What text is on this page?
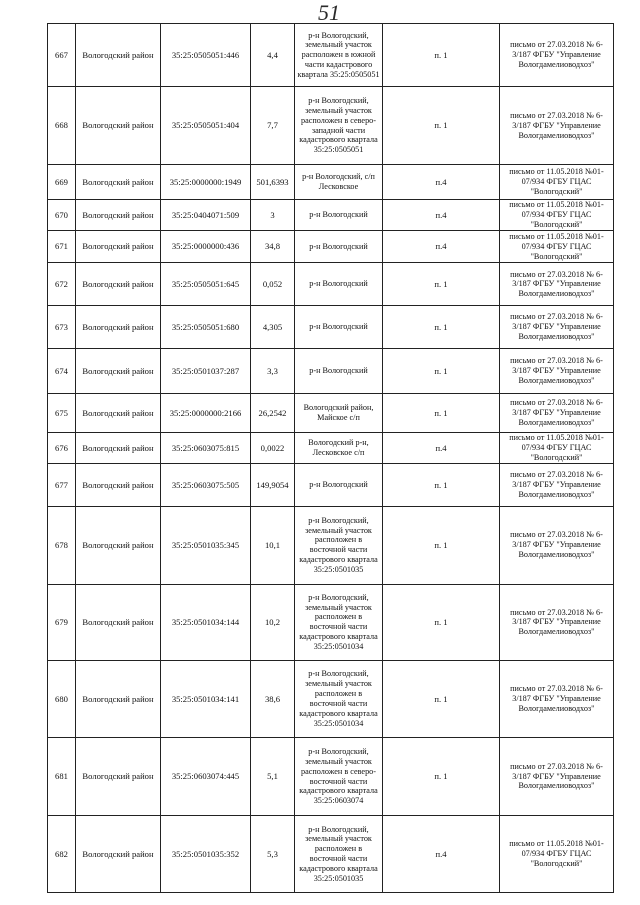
51
667	Вологодский район	35:25:0505051:446	4,4	р-н Вологодский, земельный участок расположен в южной части кадастрового квартала 35:25:0505051	п. 1	письмо от 27.03.2018 № 6-3/187 ФГБУ "Управление Вологдамелиоводхоз"
668	Вологодский район	35:25:0505051:404	7,7	р-н Вологодский, земельный участок расположен в северо-западной части кадастрового квартала 35:25:0505051	п. 1	письмо от 27.03.2018 № 6-3/187 ФГБУ "Управление Вологдамелиоводхоз"
669	Вологодский район	35:25:0000000:1949	501,6393	р-н Вологодский, с/п Лесковское	п.4	письмо от 11.05.2018 №01-07/934 ФГБУ ГЦАС "Вологодский"
670	Вологодский район	35:25:0404071:509	3	р-н Вологодский	п.4	письмо от 11.05.2018 №01-07/934 ФГБУ ГЦАС "Вологодский"
671	Вологодский район	35:25:0000000:436	34,8	р-н Вологодский	п.4	письмо от 11.05.2018 №01-07/934 ФГБУ ГЦАС "Вологодский"
672	Вологодский район	35:25:0505051:645	0,052	р-н Вологодский	п. 1	письмо от 27.03.2018 № 6-3/187 ФГБУ "Управление Вологдамелиоводхоз"
673	Вологодский район	35:25:0505051:680	4,305	р-н Вологодский	п. 1	письмо от 27.03.2018 № 6-3/187 ФГБУ "Управление Вологдамелиоводхоз"
674	Вологодский район	35:25:0501037:287	3,3	р-н Вологодский	п. 1	письмо от 27.03.2018 № 6-3/187 ФГБУ "Управление Вологдамелиоводхоз"
675	Вологодский район	35:25:0000000:2166	26,2542	Вологодский район, Майское с/п	п. 1	письмо от 27.03.2018 № 6-3/187 ФГБУ "Управление Вологдамелиоводхоз"
676	Вологодский район	35:25:0603075:815	0,0022	Вологодский р-н, Лесковское с/п	п.4	письмо от 11.05.2018 №01-07/934 ФГБУ ГЦАС "Вологодский"
677	Вологодский район	35:25:0603075:505	149,9054	р-н Вологодский	п. 1	письмо от 27.03.2018 № 6-3/187 ФГБУ "Управление Вологдамелиоводхоз"
678	Вологодский район	35:25:0501035:345	10,1	р-н Вологодский, земельный участок расположен в восточной части кадастрового квартала 35:25:0501035	п. 1	письмо от 27.03.2018 № 6-3/187 ФГБУ "Управление Вологдамелиоводхоз"
679	Вологодский район	35:25:0501034:144	10,2	р-н Вологодский, земельный участок расположен в восточной части кадастрового квартала 35:25:0501034	п. 1	письмо от 27.03.2018 № 6-3/187 ФГБУ "Управление Вологдамелиоводхоз"
680	Вологодский район	35:25:0501034:141	38,6	р-н Вологодский, земельный участок расположен в восточной части кадастрового квартала 35:25:0501034	п. 1	письмо от 27.03.2018 № 6-3/187 ФГБУ "Управление Вологдамелиоводхоз"
681	Вологодский район	35:25:0603074:445	5,1	р-н Вологодский, земельный участок расположен в северо-восточной части кадастрового квартала 35:25:0603074	п. 1	письмо от 27.03.2018 № 6-3/187 ФГБУ "Управление Вологдамелиоводхоз"
682	Вологодский район	35:25:0501035:352	5,3	р-н Вологодский, земельный участок расположен в восточной части кадастрового квартала 35:25:0501035	п.4	письмо от 11.05.2018 №01-07/934 ФГБУ ГЦАС "Вологодский"
